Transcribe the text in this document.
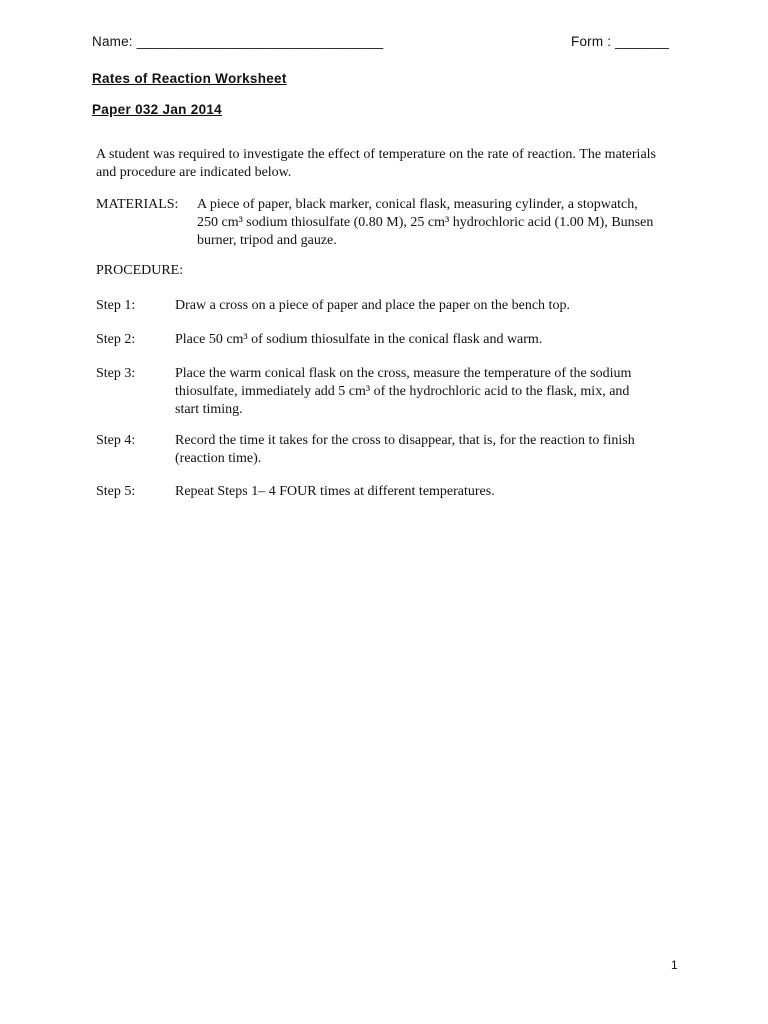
Name: ________________________________	Form : _______
Rates of Reaction Worksheet
Paper 032 Jan 2014
A student was required to investigate the effect of temperature on the rate of reaction. The materials and procedure are indicated below.
MATERIALS: A piece of paper, black marker, conical flask, measuring cylinder, a stopwatch, 250 cm³ sodium thiosulfate (0.80 M), 25 cm³ hydrochloric acid (1.00 M), Bunsen burner, tripod and gauze.
PROCEDURE:
Step 1:	Draw a cross on a piece of paper and place the paper on the bench top.
Step 2:	Place 50 cm³ of sodium thiosulfate in the conical flask and warm.
Step 3:	Place the warm conical flask on the cross, measure the temperature of the sodium thiosulfate, immediately add 5 cm³ of the hydrochloric acid to the flask, mix, and start timing.
Step 4:	Record the time it takes for the cross to disappear, that is, for the reaction to finish (reaction time).
Step 5:	Repeat Steps 1– 4 FOUR times at different temperatures.
1
